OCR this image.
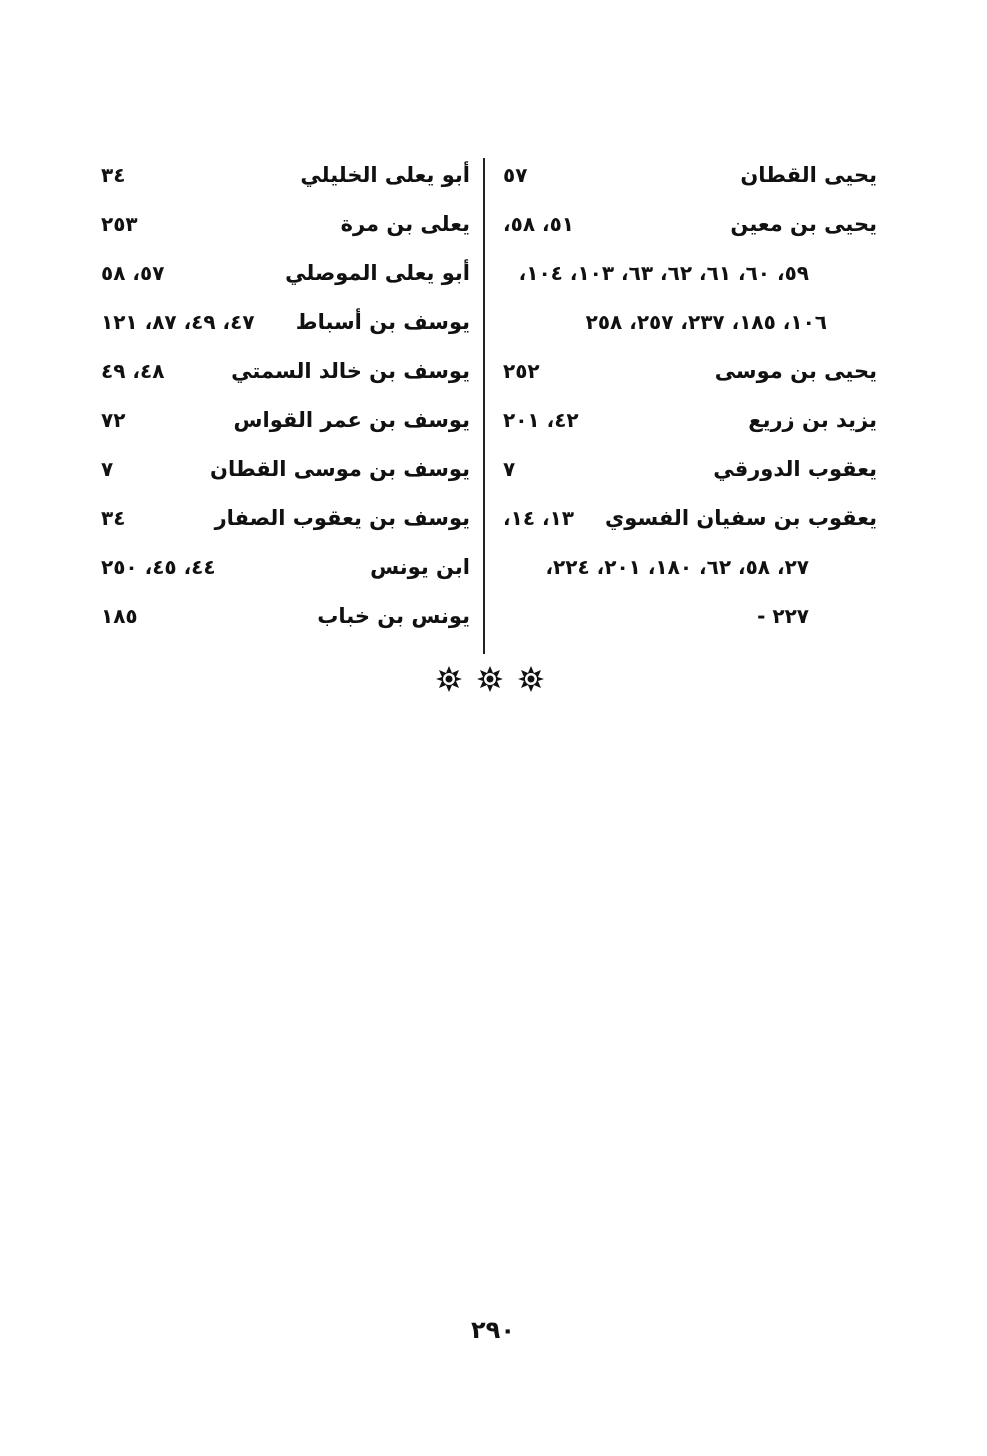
يحيى القطان
٥٧
يحيى بن معين
٥١، ٥٨،
٥٩، ٦٠، ٦١، ٦٢، ٦٣، ١٠٣، ١٠٤،
١٠٦، ١٨٥، ٢٣٧، ٢٥٧، ٢٥٨
يحيى بن موسى
٢٥٢
يزيد بن زريع
٤٢، ٢٠١
يعقوب الدورقي
٧
يعقوب بن سفيان الفسوي
١٣، ١٤،
٢٧، ٥٨، ٦٢، ١٨٠، ٢٠١، ٢٢٤،
٢٢٧ -
أبو يعلى الخليلي
٣٤
يعلى بن مرة
٢٥٣
أبو يعلى الموصلي
٥٧، ٥٨
يوسف بن أسباط
٤٧، ٤٩، ٨٧، ١٢١
يوسف بن خالد السمتي
٤٨، ٤٩
يوسف بن عمر القواس
٧٢
يوسف بن موسى القطان
٧
يوسف بن يعقوب الصفار
٣٤
ابن يونس
٤٤، ٤٥، ٢٥٠
يونس بن خباب
١٨٥
٢٩٠
